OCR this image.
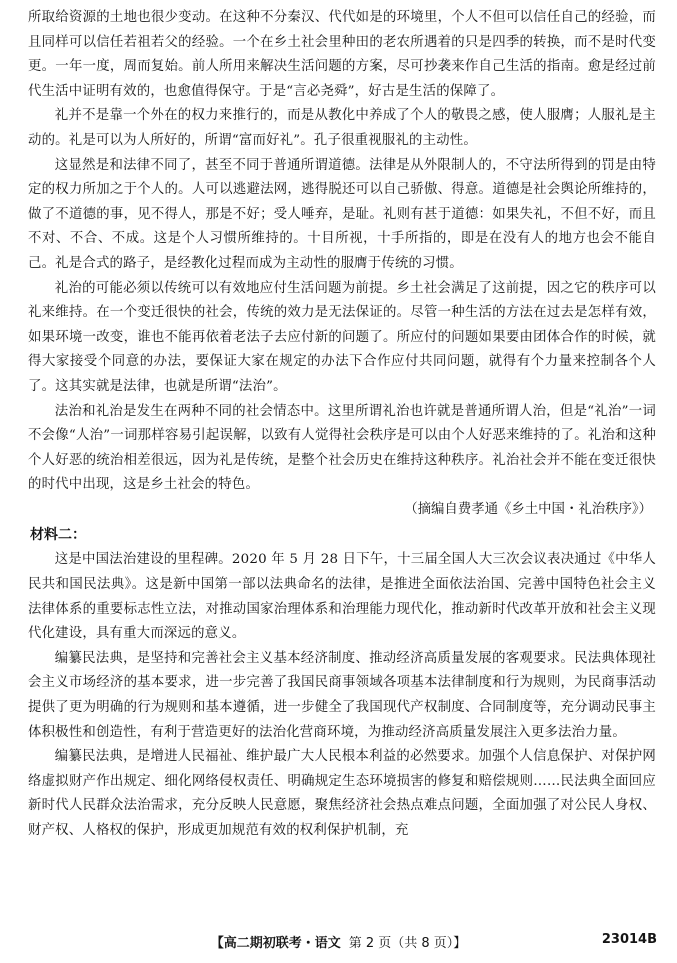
所取给资源的土地也很少变动。在这种不分秦汉、代代如是的环境里，个人不但可以信任自己的经验，而且同样可以信任若祖若父的经验。一个在乡土社会里种田的老农所遇着的只是四季的转换，而不是时代变更。一年一度，周而复始。前人所用来解决生活问题的方案，尽可抄袭来作自己生活的指南。愈是经过前代生活中证明有效的，也愈值得保守。于是“言必尧舜”，好古是生活的保障了。

礼并不是靠一个外在的权力来推行的，而是从教化中养成了个人的敬畏之感，使人服膺；人服礼是主动的。礼是可以为人所好的，所谓“富而好礼”。孔子很重视服礼的主动性。

这显然是和法律不同了，甚至不同于普通所谓道德。法律是从外限制人的，不守法所得到的罚是由特定的权力所加之于个人的。人可以逃避法网，逃得脱还可以自己骄傲、得意。道德是社会舆论所维持的，做了不道德的事，见不得人，那是不好；受人唾弃，是耻。礼则有甚于道德：如果失礼，不但不好，而且不对、不合、不成。这是个人习惯所维持的。十目所视，十手所指的，即是在没有人的地方也会不能自己。礼是合式的路子，是经教化过程而成为主动性的服膺于传统的习惯。

礼治的可能必须以传统可以有效地应付生活问题为前提。乡土社会满足了这前提，因之它的秩序可以礼来维持。在一个变迁很快的社会，传统的效力是无法保证的。尽管一种生活的方法在过去是怎样有效，如果环境一改变，谁也不能再依着老法子去应付新的问题了。所应付的问题如果要由团体合作的时候，就得大家接受个同意的办法，要保证大家在规定的办法下合作应付共同问题，就得有个力量来控制各个人了。这其实就是法律，也就是所谓“法治”。

法治和礼治是发生在两种不同的社会情态中。这里所谓礼治也许就是普通所谓人治，但是“礼治”一词不会像“人治”一词那样容易引起误解，以致有人觉得社会秩序是可以由个人好恶来维持的了。礼治和这种个人好恶的统治相差很远，因为礼是传统，是整个社会历史在维持这种秩序。礼治社会并不能在变迁很快的时代中出现，这是乡土社会的特色。

（摘编自费孝通《乡土中国・礼治秩序》）

材料二：

这是中国法治建设的里程碑。2020 年 5 月 28 日下午，十三届全国人大三次会议表决通过《中华人民共和国民法典》。这是新中国第一部以法典命名的法律，是推进全面依法治国、完善中国特色社会主义法律体系的重要标志性立法，对推动国家治理体系和治理能力现代化，推动新时代改革开放和社会主义现代化建设，具有重大而深远的意义。

编纂民法典，是坚持和完善社会主义基本经济制度、推动经济高质量发展的客观要求。民法典体现社会主义市场经济的基本要求，进一步完善了我国民商事领域各项基本法律制度和行为规则，为民商事活动提供了更为明确的行为规则和基本遵循，进一步健全了我国现代产权制度、合同制度等，充分调动民事主体积极性和创造性，有利于营造更好的法治化营商环境，为推动经济高质量发展注入更多法治力量。

编纂民法典，是增进人民福祉、维护最广大人民根本利益的必然要求。加强个人信息保护、对保护网络虚拟财产作出规定、细化网络侵权责任、明确规定生态环境损害的修复和赔偿规则……民法典全面回应新时代人民群众法治需求，充分反映人民意愿，聚焦经济社会热点难点问题，全面加强了对公民人身权、财产权、人格权的保护，形成更加规范有效的权利保护机制，充

【高二期初联考・语文 第 2 页（共 8 页）】	23014B
